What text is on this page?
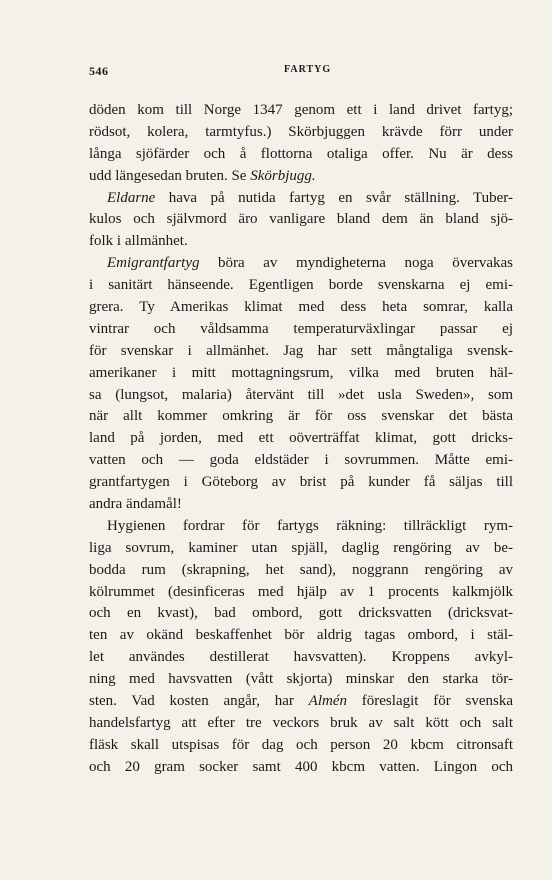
546	FARTYG
döden kom till Norge 1347 genom ett i land drivet fartyg;
rödsot, kolera, tarmtyfus.) Skörbjuggen krävde förr under
långa sjöfärder och å flottorna otaliga offer. Nu är dess
udd längesedan bruten. Se Skörbjugg.
Eldarne hava på nutida fartyg en svår ställning. Tuber-
kulos och självmord äro vanligare bland dem än bland sjö-
folk i allmänhet.
Emigrantfartyg böra av myndigheterna noga övervakas
i sanitärt hänseende. Egentligen borde svenskarna ej emi-
grera. Ty Amerikas klimat med dess heta somrar, kalla
vintrar och våldsamma temperaturväxlingar passar ej
för svenskar i allmänhet. Jag har sett mångtaliga svensk-
amerikaner i mitt mottagningsrum, vilka med bruten häl-
sa (lungsot, malaria) återvänt till »det usla Sweden», som
när allt kommer omkring är för oss svenskar det bästa
land på jorden, med ett oöverträffat klimat, gott dricks-
vatten och — goda eldstäder i sovrummen. Måtte emi-
grantfartygen i Göteborg av brist på kunder få säljas till
andra ändamål!
Hygienen fordrar för fartygs räkning: tillräckligt rym-
liga sovrum, kaminer utan spjäll, daglig rengöring av be-
bodda rum (skrapning, het sand), noggrann rengöring av
kölrummet (desinficeras med hjälp av 1 procents kalkmjölk
och en kvast), bad ombord, gott dricksvatten (dricksvat-
ten av okänd beskaffenhet bör aldrig tagas ombord, i stäl-
let användes destillerat havsvatten). Kroppens avkyl-
ning med havsvatten (vått skjorta) minskar den starka tör-
sten. Vad kosten angår, har Almén föreslagit för svenska
handelsfartyg att efter tre veckors bruk av salt kött och salt
fläsk skall utspisas för dag och person 20 kbcm citronsaft
och 20 gram socker samt 400 kbcm vatten. Lingon och
